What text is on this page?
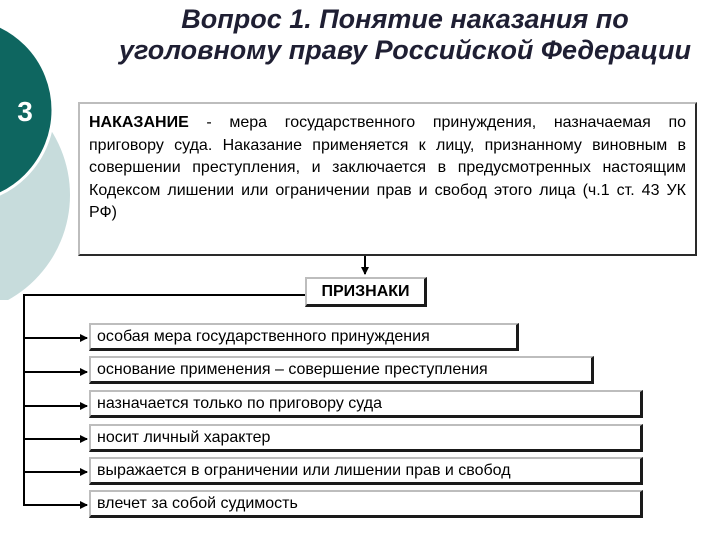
3
Вопрос 1. Понятие наказания по уголовному праву Российской Федерации
НАКАЗАНИЕ - мера государственного принуждения, назначаемая по приговору суда. Наказание применяется к лицу, признанному виновным в совершении преступления, и заключается в предусмотренных настоящим Кодексом лишении или ограничении прав и свобод этого лица (ч.1 ст. 43 УК РФ)
ПРИЗНАКИ
особая мера государственного принуждения
основание применения – совершение преступления
назначается только по приговору суда
носит личный характер
выражается в ограничении или лишении прав и свобод
влечет за собой судимость
